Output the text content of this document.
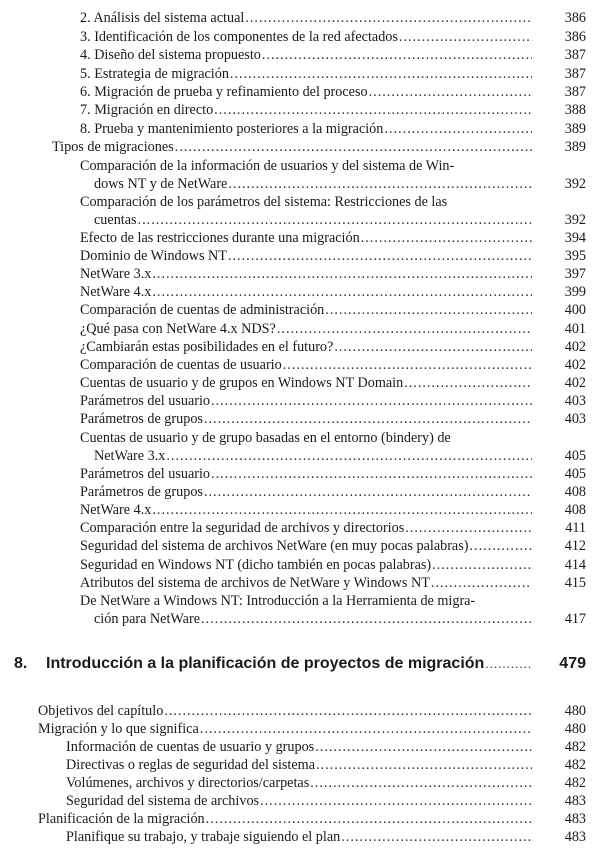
2. Análisis del sistema actual .....	386
3. Identificación de los componentes de la red afectados .....	386
4. Diseño del sistema propuesto .....	387
5. Estrategia de migración .....	387
6. Migración de prueba y refinamiento del proceso .....	387
7. Migración en directo .....	388
8. Prueba y mantenimiento posteriores a la migración .....	389
Tipos de migraciones .....	389
Comparación de la información de usuarios y del sistema de Win-
dows NT y de NetWare .....	392
Comparación de los parámetros del sistema: Restricciones de las
cuentas .....	392
Efecto de las restricciones durante una migración .....	394
Dominio de Windows NT .....	395
NetWare 3.x .....	397
NetWare 4.x .....	399
Comparación de cuentas de administración .....	400
¿Qué pasa con NetWare 4.x NDS? .....	401
¿Cambiarán estas posibilidades en el futuro? .....	402
Comparación de cuentas de usuario .....	402
Cuentas de usuario y de grupos en Windows NT Domain .....	402
Parámetros del usuario .....	403
Parámetros de grupos .....	403
Cuentas de usuario y de grupo basadas en el entorno (bindery) de
NetWare 3.x .....	405
Parámetros del usuario .....	405
Parámetros de grupos .....	408
NetWare 4.x .....	408
Comparación entre la seguridad de archivos y directorios .....	411
Seguridad del sistema de archivos NetWare (en muy pocas palabras) .....	412
Seguridad en Windows NT (dicho también en pocas palabras) .....	414
Atributos del sistema de archivos de NetWare y Windows NT .....	415
De NetWare a Windows NT: Introducción a la Herramienta de migra-
ción para NetWare .....	417
8. Introducción a la planificación de proyectos de migración .....	479
Objetivos del capítulo .....	480
Migración y lo que significa .....	480
Información de cuentas de usuario y grupos .....	482
Directivas o reglas de seguridad del sistema .....	482
Volúmenes, archivos y directorios/carpetas .....	482
Seguridad del sistema de archivos .....	483
Planificación de la migración .....	483
Planifique su trabajo, y trabaje siguiendo el plan .....	483
